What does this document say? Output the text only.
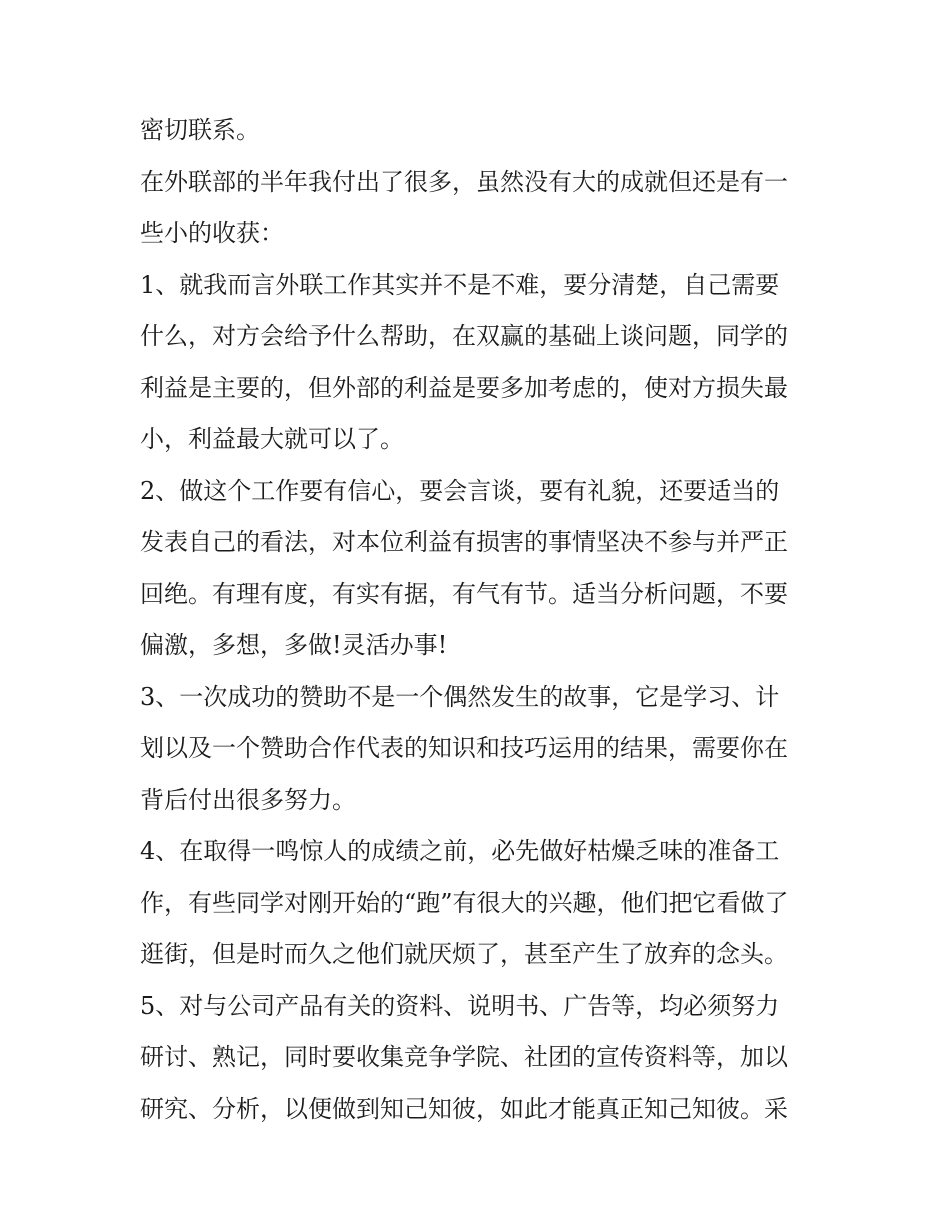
密切联系。
在外联部的半年我付出了很多，虽然没有大的成就但还是有一
些小的收获：
1、就我而言外联工作其实并不是不难，要分清楚，自己需要
什么，对方会给予什么帮助，在双赢的基础上谈问题，同学的
利益是主要的，但外部的利益是要多加考虑的，使对方损失最
小，利益最大就可以了。
2、做这个工作要有信心，要会言谈，要有礼貌，还要适当的
发表自己的看法，对本位利益有损害的事情坚决不参与并严正
回绝。有理有度，有实有据，有气有节。适当分析问题，不要
偏激，多想，多做!灵活办事!
3、一次成功的赞助不是一个偶然发生的故事，它是学习、计
划以及一个赞助合作代表的知识和技巧运用的结果，需要你在
背后付出很多努力。
4、在取得一鸣惊人的成绩之前，必先做好枯燥乏味的准备工
作，有些同学对刚开始的“跑”有很大的兴趣，他们把它看做了
逛街，但是时而久之他们就厌烦了，甚至产生了放弃的念头。
5、对与公司产品有关的资料、说明书、广告等，均必须努力
研讨、熟记，同时要收集竞争学院、社团的宣传资料等，加以
研究、分析，以便做到知己知彼，如此才能真正知己知彼。采
